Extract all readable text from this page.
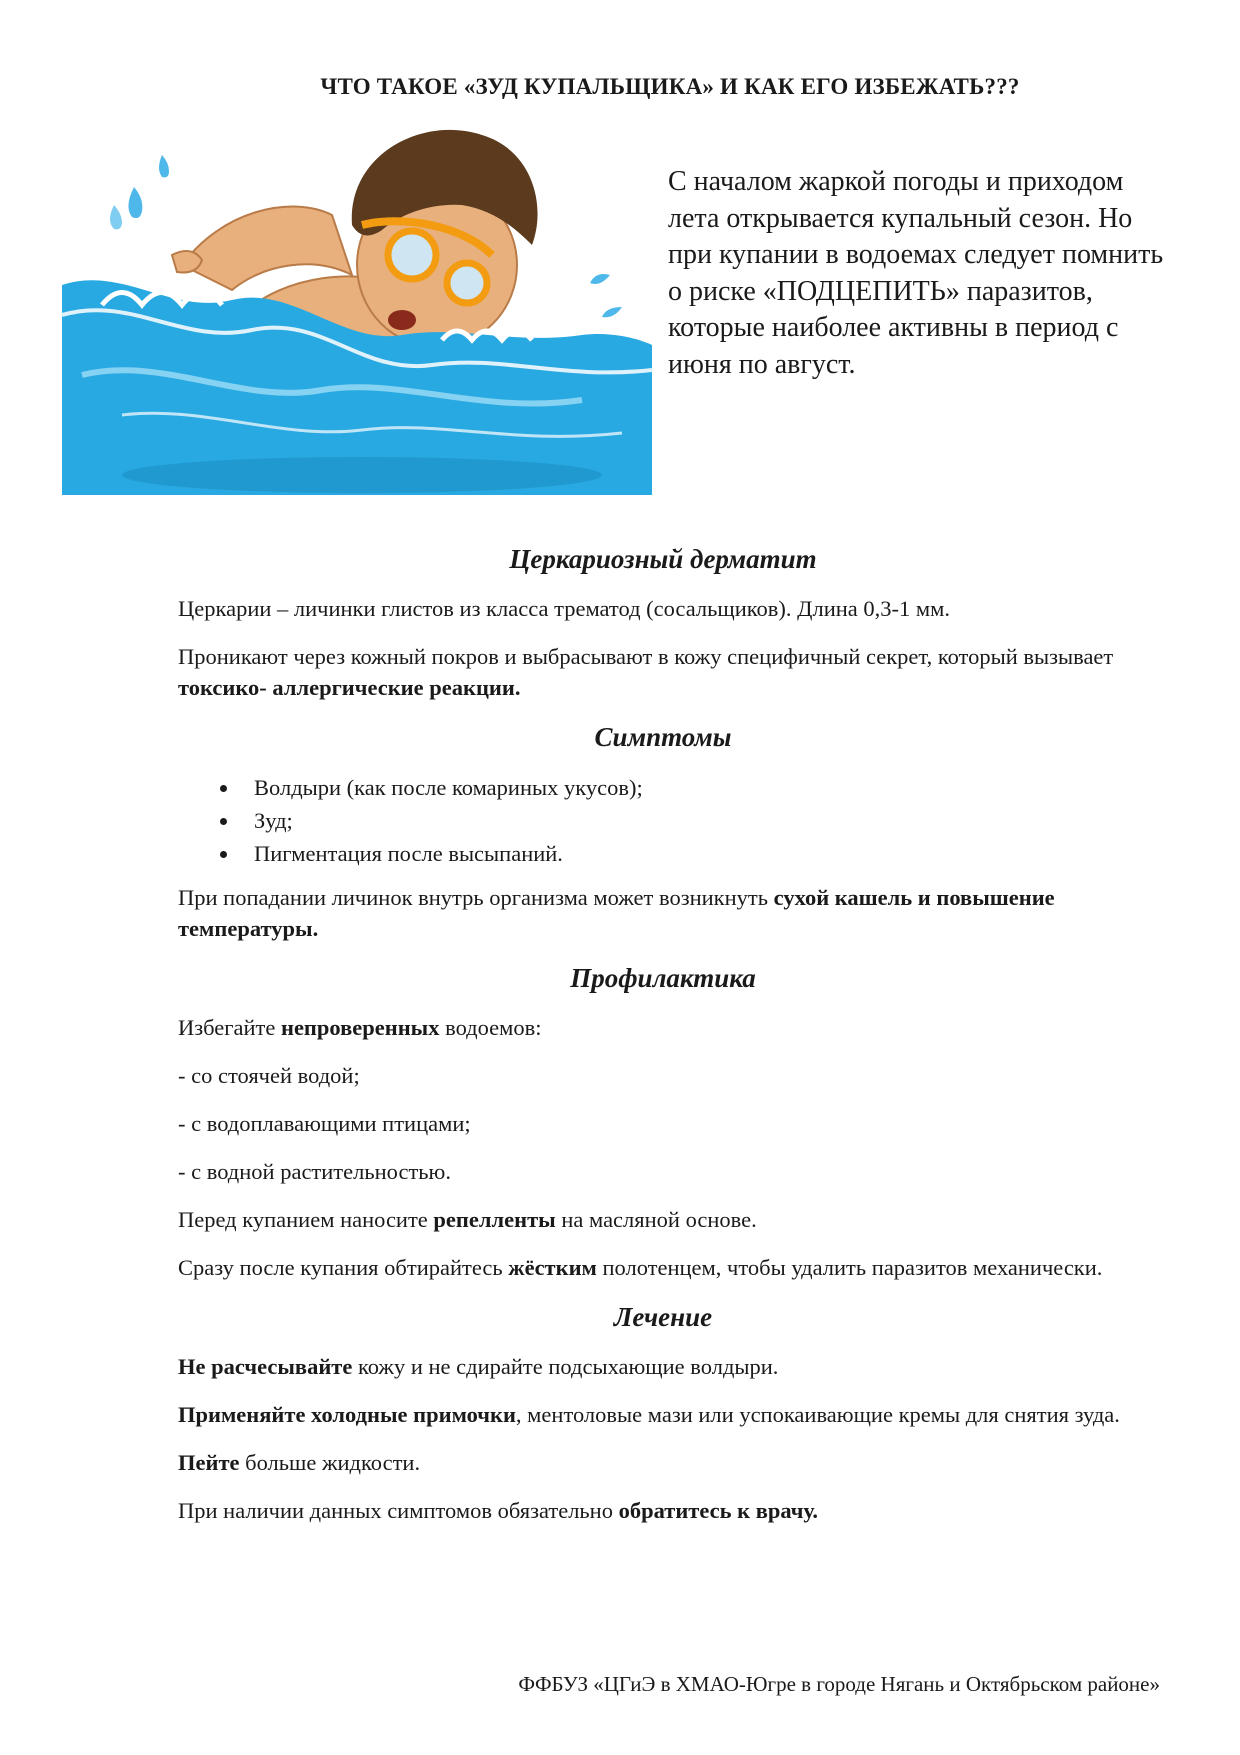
ЧТО ТАКОЕ «ЗУД КУПАЛЬЩИКА» И КАК ЕГО ИЗБЕЖАТЬ???

С началом жаркой погоды и приходом лета открывается купальный сезон. Но при купании в водоемах следует помнить о риске «ПОДЦЕПИТЬ» паразитов, которые наиболее активны в период с июня по август.

Церкариозный дерматит

Церкарии – личинки глистов из класса трематод (сосальщиков). Длина 0,3-1 мм.

Проникают через кожный покров и выбрасывают в кожу специфичный секрет, который вызывает токсико- аллергические реакции.

Симптомы
Волдыри (как после комариных укусов);
Зуд;
Пигментация после высыпаний.

При попадании личинок внутрь организма может возникнуть сухой кашель и повышение температуры.

Профилактика

Избегайте непроверенных водоемов:

- со стоячей водой;

- с водоплавающими птицами;

- с водной растительностью.

Перед купанием наносите репелленты на масляной основе.

Сразу после купания обтирайтесь жёстким полотенцем, чтобы удалить паразитов механически.

Лечение

Не расчесывайте кожу и не сдирайте подсыхающие волдыри.

Применяйте холодные примочки, ментоловые мази или успокаивающие кремы для снятия зуда.

Пейте больше жидкости.

При наличии данных симптомов обязательно обратитесь к врачу.

ФФБУЗ «ЦГиЭ в ХМАО-Югре в городе Нягань и Октябрьском районе»
